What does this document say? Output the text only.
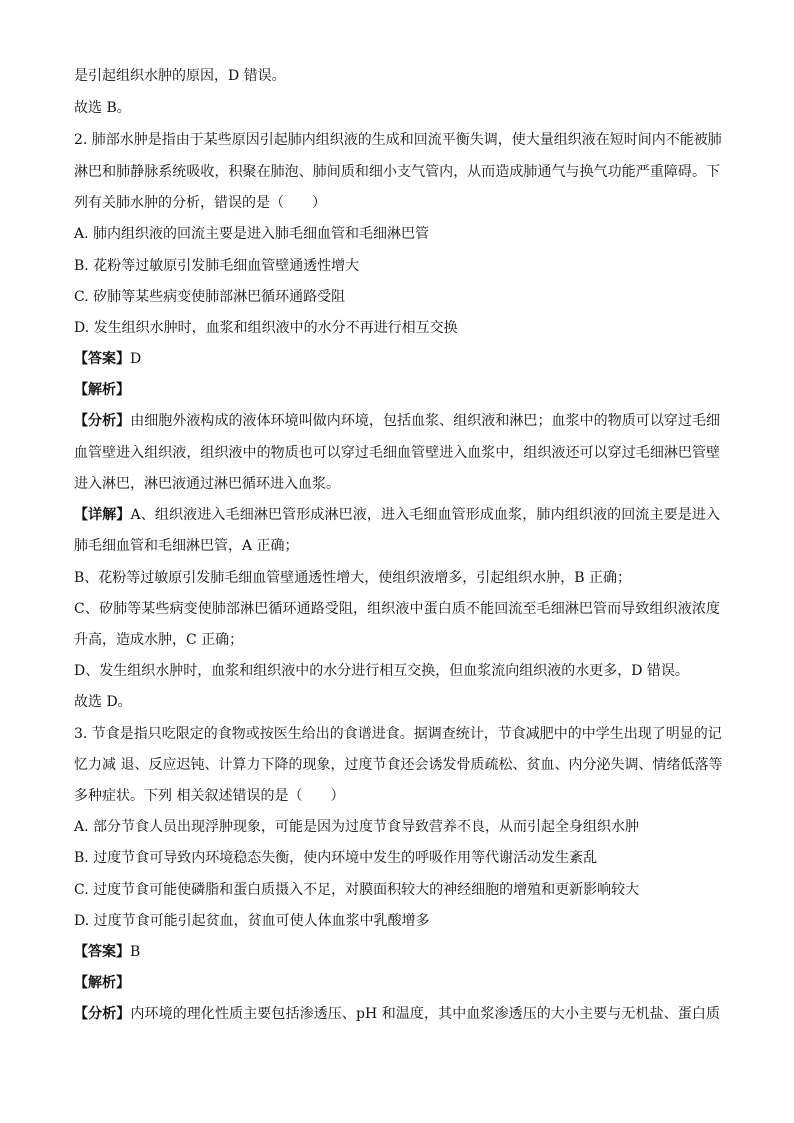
是引起组织水肿的原因，D 错误。
故选 B。
2. 肺部水肿是指由于某些原因引起肺内组织液的生成和回流平衡失调，使大量组织液在短时间内不能被肺
淋巴和肺静脉系统吸收，积聚在肺泡、肺间质和细小支气管内，从而造成肺通气与换气功能严重障碍。下
列有关肺水肿的分析，错误的是（　　）
A. 肺内组织液的回流主要是进入肺毛细血管和毛细淋巴管
B. 花粉等过敏原引发肺毛细血管壁通透性增大
C. 矽肺等某些病变使肺部淋巴循环通路受阻
D. 发生组织水肿时，血浆和组织液中的水分不再进行相互交换
【答案】D
【解析】
【分析】由细胞外液构成的液体环境叫做内环境，包括血浆、组织液和淋巴；血浆中的物质可以穿过毛细
血管壁进入组织液，组织液中的物质也可以穿过毛细血管壁进入血浆中，组织液还可以穿过毛细淋巴管壁
进入淋巴，淋巴液通过淋巴循环进入血浆。
【详解】A、组织液进入毛细淋巴管形成淋巴液，进入毛细血管形成血浆，肺内组织液的回流主要是进入
肺毛细血管和毛细淋巴管，A 正确；
B、花粉等过敏原引发肺毛细血管壁通透性增大，使组织液增多，引起组织水肿，B 正确；
C、矽肺等某些病变使肺部淋巴循环通路受阻，组织液中蛋白质不能回流至毛细淋巴管而导致组织液浓度
升高，造成水肿，C 正确；
D、发生组织水肿时，血浆和组织液中的水分进行相互交换，但血浆流向组织液的水更多，D 错误。
故选 D。
3. 节食是指只吃限定的食物或按医生给出的食谱进食。据调查统计，节食减肥中的中学生出现了明显的记
忆力减 退、反应迟钝、计算力下降的现象，过度节食还会诱发骨质疏松、贫血、内分泌失调、情绪低落等
多种症状。下列 相关叙述错误的是（　　）
A. 部分节食人员出现浮肿现象，可能是因为过度节食导致营养不良，从而引起全身组织水肿
B. 过度节食可导致内环境稳态失衡，使内环境中发生的呼吸作用等代谢活动发生紊乱
C. 过度节食可能使磷脂和蛋白质摄入不足，对膜面积较大的神经细胞的增殖和更新影响较大
D. 过度节食可能引起贫血，贫血可使人体血浆中乳酸增多
【答案】B
【解析】
【分析】内环境的理化性质主要包括渗透压、pH 和温度，其中血浆渗透压的大小主要与无机盐、蛋白质
